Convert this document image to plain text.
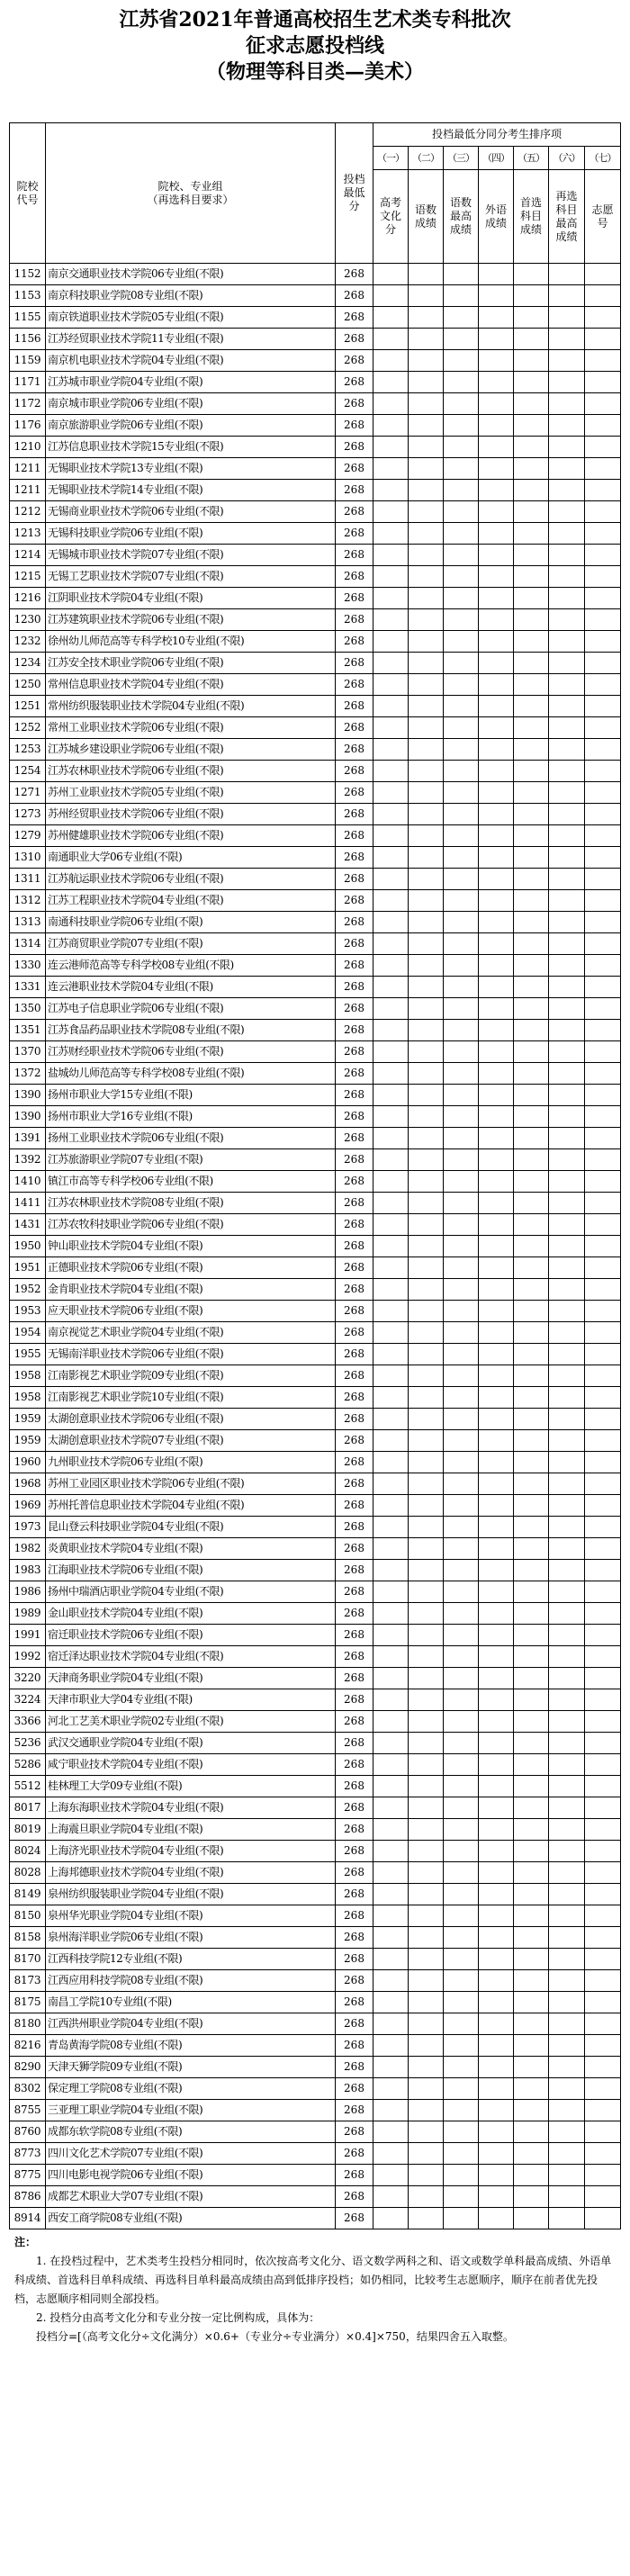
江苏省2021年普通高校招生艺术类专科批次
征求志愿投档线
（物理等科目类—美术）
院校代号	院校、专业组
（再选科目要求）	投档最低分	投档最低分同分考生排序项						
			（一）	（二）	（三）	（四）	（五）	（六）	（七）
			高考文化分	语数成绩	语数最高成绩	外语成绩	首选科目成绩	再选科目最高成绩	志愿号
1152	南京交通职业技术学院06专业组(不限)	268							
1153	南京科技职业学院08专业组(不限)	268							
1155	南京铁道职业技术学院05专业组(不限)	268							
1156	江苏经贸职业技术学院11专业组(不限)	268							
1159	南京机电职业技术学院04专业组(不限)	268							
1171	江苏城市职业学院04专业组(不限)	268							
1172	南京城市职业学院06专业组(不限)	268							
1176	南京旅游职业学院06专业组(不限)	268							
1210	江苏信息职业技术学院15专业组(不限)	268							
1211	无锡职业技术学院13专业组(不限)	268							
1211	无锡职业技术学院14专业组(不限)	268							
1212	无锡商业职业技术学院06专业组(不限)	268							
1213	无锡科技职业学院06专业组(不限)	268							
1214	无锡城市职业技术学院07专业组(不限)	268							
1215	无锡工艺职业技术学院07专业组(不限)	268							
1216	江阴职业技术学院04专业组(不限)	268							
1230	江苏建筑职业技术学院06专业组(不限)	268							
1232	徐州幼儿师范高等专科学校10专业组(不限)	268							
1234	江苏安全技术职业学院06专业组(不限)	268							
1250	常州信息职业技术学院04专业组(不限)	268							
1251	常州纺织服装职业技术学院04专业组(不限)	268							
1252	常州工业职业技术学院06专业组(不限)	268							
1253	江苏城乡建设职业学院06专业组(不限)	268							
1254	江苏农林职业技术学院06专业组(不限)	268							
1271	苏州工业职业技术学院05专业组(不限)	268							
1273	苏州经贸职业技术学院06专业组(不限)	268							
1279	苏州健雄职业技术学院06专业组(不限)	268							
1310	南通职业大学06专业组(不限)	268							
1311	江苏航运职业技术学院06专业组(不限)	268							
1312	江苏工程职业技术学院04专业组(不限)	268							
1313	南通科技职业学院06专业组(不限)	268							
1314	江苏商贸职业学院07专业组(不限)	268							
1330	连云港师范高等专科学校08专业组(不限)	268							
1331	连云港职业技术学院04专业组(不限)	268							
1350	江苏电子信息职业学院06专业组(不限)	268							
1351	江苏食品药品职业技术学院08专业组(不限)	268							
1370	江苏财经职业技术学院06专业组(不限)	268							
1372	盐城幼儿师范高等专科学校08专业组(不限)	268							
1390	扬州市职业大学15专业组(不限)	268							
1390	扬州市职业大学16专业组(不限)	268							
1391	扬州工业职业技术学院06专业组(不限)	268							
1392	江苏旅游职业学院07专业组(不限)	268							
1410	镇江市高等专科学校06专业组(不限)	268							
1411	江苏农林职业技术学院08专业组(不限)	268							
1431	江苏农牧科技职业学院06专业组(不限)	268							
1950	钟山职业技术学院04专业组(不限)	268							
1951	正德职业技术学院06专业组(不限)	268							
1952	金肯职业技术学院04专业组(不限)	268							
1953	应天职业技术学院06专业组(不限)	268							
1954	南京视觉艺术职业学院04专业组(不限)	268							
1955	无锡南洋职业技术学院06专业组(不限)	268							
1958	江南影视艺术职业学院09专业组(不限)	268							
1958	江南影视艺术职业学院10专业组(不限)	268							
1959	太湖创意职业技术学院06专业组(不限)	268							
1959	太湖创意职业技术学院07专业组(不限)	268							
1960	九州职业技术学院06专业组(不限)	268							
1968	苏州工业园区职业技术学院06专业组(不限)	268							
1969	苏州托普信息职业技术学院04专业组(不限)	268							
1973	昆山登云科技职业学院04专业组(不限)	268							
1982	炎黄职业技术学院04专业组(不限)	268							
1983	江海职业技术学院06专业组(不限)	268							
1986	扬州中瑞酒店职业学院04专业组(不限)	268							
1989	金山职业技术学院04专业组(不限)	268							
1991	宿迁职业技术学院06专业组(不限)	268							
1992	宿迁泽达职业技术学院04专业组(不限)	268							
3220	天津商务职业学院04专业组(不限)	268							
3224	天津市职业大学04专业组(不限)	268							
3366	河北工艺美术职业学院02专业组(不限)	268							
5236	武汉交通职业学院04专业组(不限)	268							
5286	咸宁职业技术学院04专业组(不限)	268							
5512	桂林理工大学09专业组(不限)	268							
8017	上海东海职业技术学院04专业组(不限)	268							
8019	上海震旦职业学院04专业组(不限)	268							
8024	上海济光职业技术学院04专业组(不限)	268							
8028	上海邦德职业技术学院04专业组(不限)	268							
8149	泉州纺织服装职业学院04专业组(不限)	268							
8150	泉州华光职业学院04专业组(不限)	268							
8158	泉州海洋职业学院06专业组(不限)	268							
8170	江西科技学院12专业组(不限)	268							
8173	江西应用科技学院08专业组(不限)	268							
8175	南昌工学院10专业组(不限)	268							
8180	江西洪州职业学院04专业组(不限)	268							
8216	青岛黄海学院08专业组(不限)	268							
8290	天津天狮学院09专业组(不限)	268							
8302	保定理工学院08专业组(不限)	268							
8755	三亚理工职业学院04专业组(不限)	268							
8760	成都东软学院08专业组(不限)	268							
8773	四川文化艺术学院07专业组(不限)	268							
8775	四川电影电视学院06专业组(不限)	268							
8786	成都艺术职业大学07专业组(不限)	268							
8914	西安工商学院08专业组(不限)	268							
注：

1. 在投档过程中，艺术类考生投档分相同时，依次按高考文化分、语文数学两科之和、语文或数学单科最高成绩、外语单科成绩、首选科目单科成绩、再选科目单科最高成绩由高到低排序投档；如仍相同，比较考生志愿顺序，顺序在前者优先投档，志愿顺序相同则全部投档。

2. 投档分由高考文化分和专业分按一定比例构成，具体为：

投档分=[（高考文化分÷文化满分）×0.6+（专业分÷专业满分）×0.4]×750，结果四舍五入取整。
